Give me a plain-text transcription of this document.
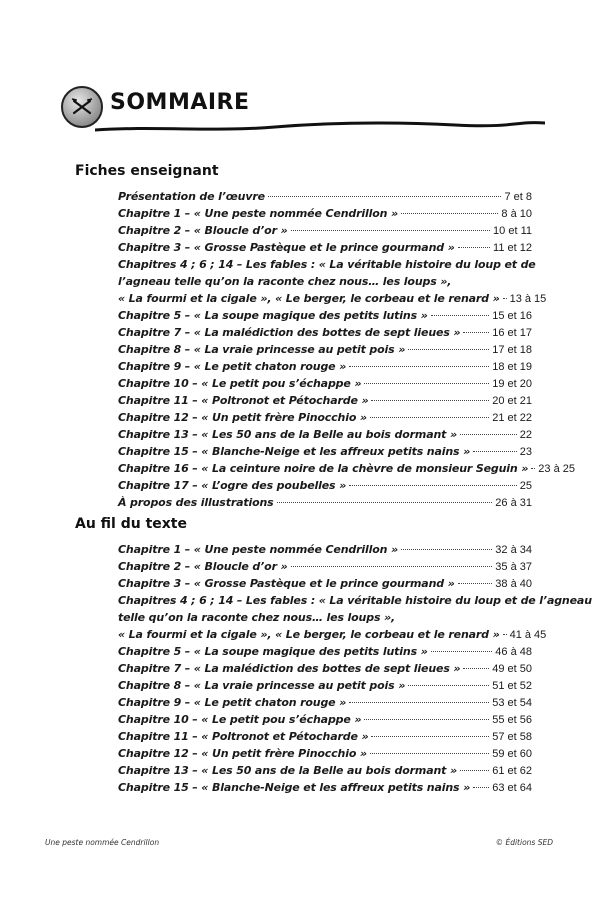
SOMMAIRE
Fiches enseignant
Présentation de l’œuvre	7 et 8
Chapitre 1 – « Une peste nommée Cendrillon »	8 à 10
Chapitre 2 – « Bloucle d’or »	10 et 11
Chapitre 3 – « Grosse Pastèque et le prince gourmand »	11 et 12
Chapitres 4 ; 6 ; 14 – Les fables : « La véritable histoire du loup et de
l’agneau telle qu’on la raconte chez nous… les loups »,
« La fourmi et la cigale », « Le berger, le corbeau et le renard » 13 à 15
Chapitre 5 – « La soupe magique des petits lutins »	15 et 16
Chapitre 7 – « La malédiction des bottes de sept lieues »	16 et 17
Chapitre 8 – « La vraie princesse au petit pois »	17 et 18
Chapitre 9 – « Le petit chaton rouge »	18 et 19
Chapitre 10 – « Le petit pou s’échappe »	19 et 20
Chapitre 11 – « Poltronot et Pétocharde »	20 et 21
Chapitre 12 – « Un petit frère Pinocchio »	21 et 22
Chapitre 13 – « Les 50 ans de la Belle au bois dormant »	22
Chapitre 15 – « Blanche-Neige et les affreux petits nains »	23
Chapitre 16 – « La ceinture noire de la chèvre de monsieur Seguin » 23 à 25
Chapitre 17 – « L’ogre des poubelles »	25
À propos des illustrations	26 à 31
Au fil du texte
Chapitre 1 – « Une peste nommée Cendrillon »	32 à 34
Chapitre 2 – « Bloucle d’or »	35 à 37
Chapitre 3 – « Grosse Pastèque et le prince gourmand »	38 à 40
Chapitres 4 ; 6 ; 14 – Les fables : « La véritable histoire du loup et de l’agneau
telle qu’on la raconte chez nous… les loups »,
« La fourmi et la cigale », « Le berger, le corbeau et le renard » 41 à 45
Chapitre 5 – « La soupe magique des petits lutins »	46 à 48
Chapitre 7 – « La malédiction des bottes de sept lieues »	49 et 50
Chapitre 8 – « La vraie princesse au petit pois »	51 et 52
Chapitre 9 – « Le petit chaton rouge »	53 et 54
Chapitre 10 – « Le petit pou s’échappe »	55 et 56
Chapitre 11 – « Poltronot et Pétocharde »	57 et 58
Chapitre 12 – « Un petit frère Pinocchio »	59 et 60
Chapitre 13 – « Les 50 ans de la Belle au bois dormant »	61 et 62
Chapitre 15 – « Blanche-Neige et les affreux petits nains » 63 et 64
Une peste nommée Cendrillon	© Éditions SED
